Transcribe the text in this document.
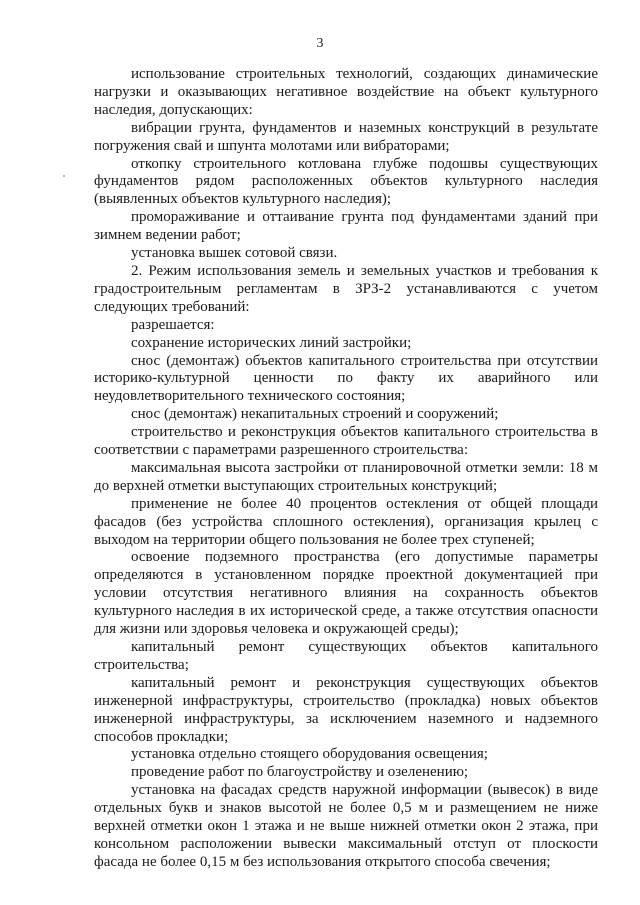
3

использование строительных технологий, создающих динамические нагрузки и оказывающих негативное воздействие на объект культурного наследия, допускающих:

вибрации грунта, фундаментов и наземных конструкций в результате погружения свай и шпунта молотами или вибраторами;

откопку строительного котлована глубже подошвы существующих фундаментов рядом расположенных объектов культурного наследия (выявленных объектов культурного наследия);

промораживание и оттаивание грунта под фундаментами зданий при зимнем ведении работ;

установка вышек сотовой связи.

2. Режим использования земель и земельных участков и требования к градостроительным регламентам в ЗРЗ-2 устанавливаются с учетом следующих требований:

разрешается:

сохранение исторических линий застройки;

снос (демонтаж) объектов капитального строительства при отсутствии историко-культурной ценности по факту их аварийного или неудовлетворительного технического состояния;

снос (демонтаж) некапитальных строений и сооружений;

строительство и реконструкция объектов капитального строительства в соответствии с параметрами разрешенного строительства:

максимальная высота застройки от планировочной отметки земли: 18 м до верхней отметки выступающих строительных конструкций;

применение не более 40 процентов остекления от общей площади фасадов (без устройства сплошного остекления), организация крылец с выходом на территории общего пользования не более трех ступеней;

освоение подземного пространства (его допустимые параметры определяются в установленном порядке проектной документацией при условии отсутствия негативного влияния на сохранность объектов культурного наследия в их исторической среде, а также отсутствия опасности для жизни или здоровья человека и окружающей среды);

капитальный ремонт существующих объектов капитального строительства;

капитальный ремонт и реконструкция существующих объектов инженерной инфраструктуры, строительство (прокладка) новых объектов инженерной инфраструктуры, за исключением наземного и надземного способов прокладки;

установка отдельно стоящего оборудования освещения;

проведение работ по благоустройству и озеленению;

установка на фасадах средств наружной информации (вывесок) в виде отдельных букв и знаков высотой не более 0,5 м и размещением не ниже верхней отметки окон 1 этажа и не выше нижней отметки окон 2 этажа, при консольном расположении вывески максимальный отступ от плоскости фасада не более 0,15 м без использования открытого способа свечения;
